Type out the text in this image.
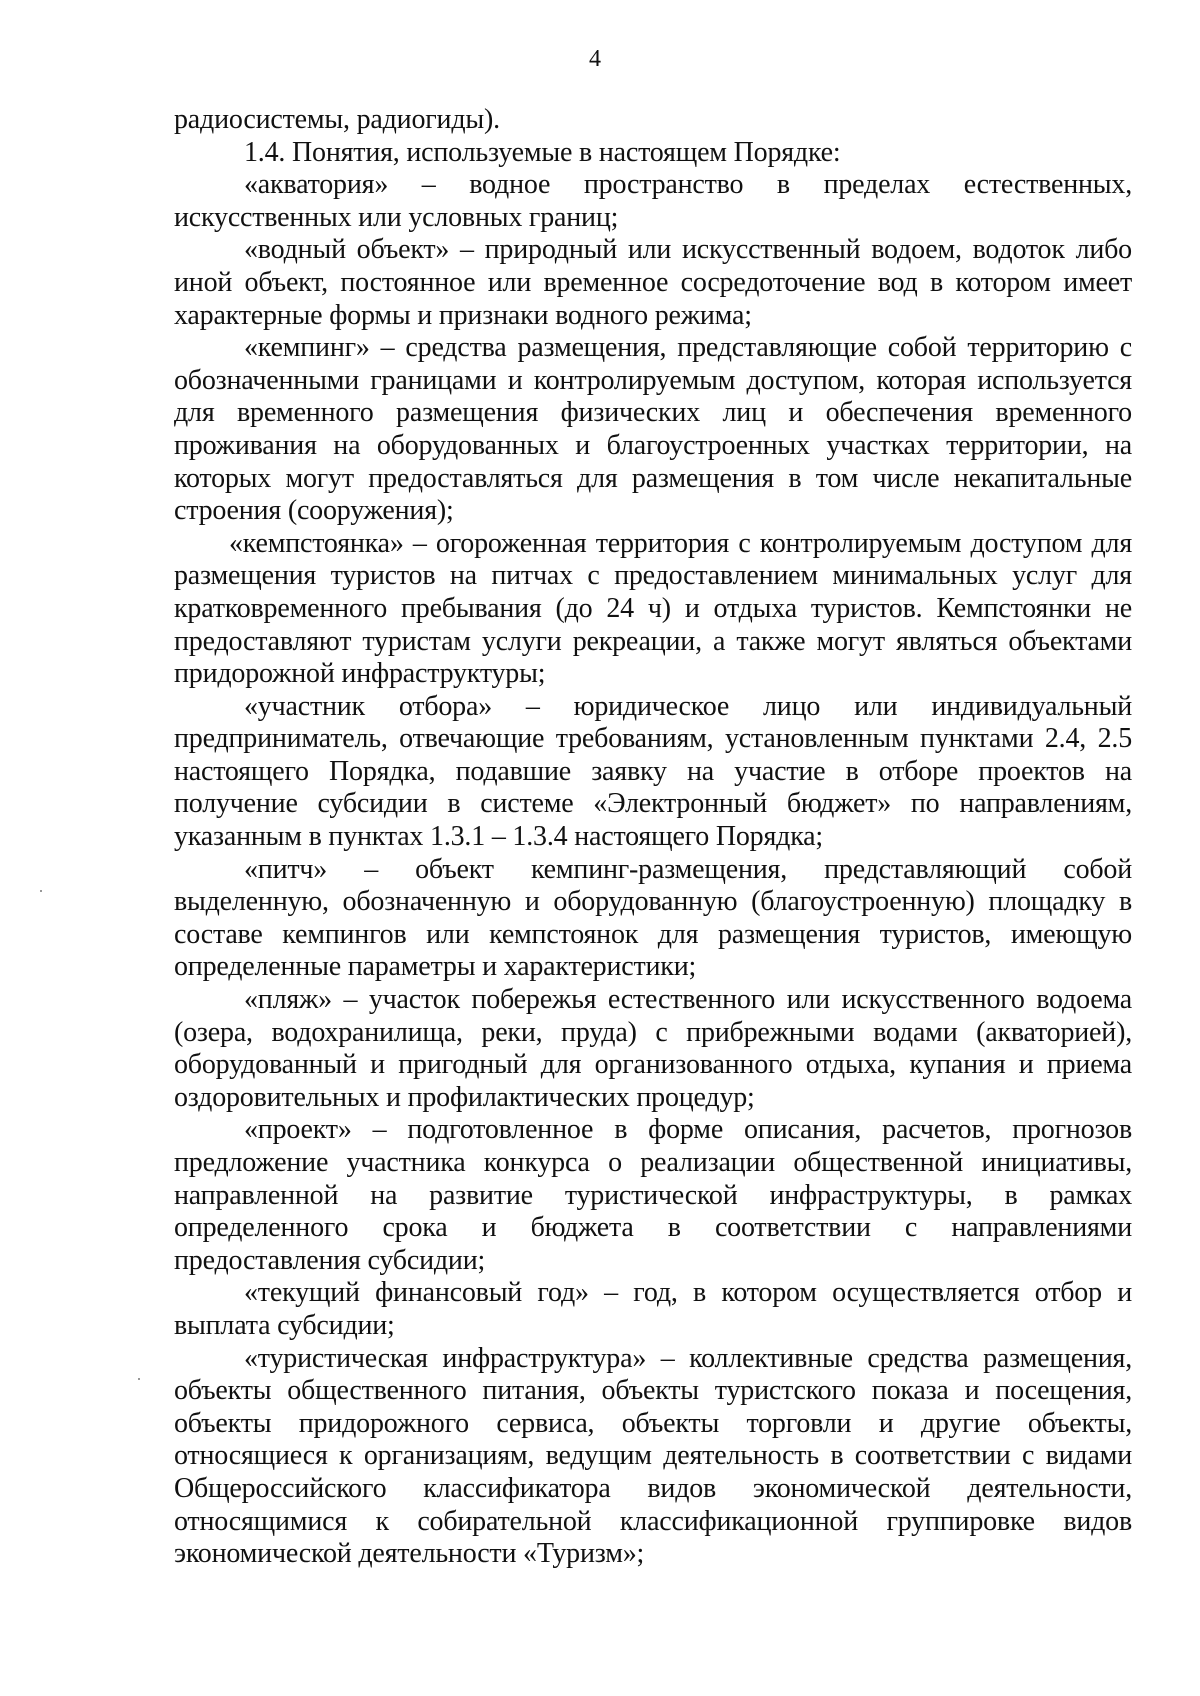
4

радиосистемы, радиогиды).

1.4. Понятия, используемые в настоящем Порядке:

«акватория» – водное пространство в пределах естественных, искусственных или условных границ;

«водный объект» – природный или искусственный водоем, водоток либо иной объект, постоянное или временное сосредоточение вод в котором имеет характерные формы и признаки водного режима;

«кемпинг» – средства размещения, представляющие собой территорию с обозначенными границами и контролируемым доступом, которая используется для временного размещения физических лиц и обеспечения временного проживания на оборудованных и благоустроенных участках территории, на которых могут предоставляться для размещения в том числе некапитальные строения (сооружения);

«кемпстоянка» – огороженная территория с контролируемым доступом для размещения туристов на питчах с предоставлением минимальных услуг для кратковременного пребывания (до 24 ч) и отдыха туристов. Кемпстоянки не предоставляют туристам услуги рекреации, а также могут являться объектами придорожной инфраструктуры;

«участник отбора» – юридическое лицо или индивидуальный предприниматель, отвечающие требованиям, установленным пунктами 2.4, 2.5 настоящего Порядка, подавшие заявку на участие в отборе проектов на получение субсидии в системе «Электронный бюджет» по направлениям, указанным в пунктах 1.3.1 – 1.3.4 настоящего Порядка;

«питч» – объект кемпинг-размещения, представляющий собой выделенную, обозначенную и оборудованную (благоустроенную) площадку в составе кемпингов или кемпстоянок для размещения туристов, имеющую определенные параметры и характеристики;

«пляж» – участок побережья естественного или искусственного водоема (озера, водохранилища, реки, пруда) с прибрежными водами (акваторией), оборудованный и пригодный для организованного отдыха, купания и приема оздоровительных и профилактических процедур;

«проект» – подготовленное в форме описания, расчетов, прогнозов предложение участника конкурса о реализации общественной инициативы, направленной на развитие туристической инфраструктуры, в рамках определенного срока и бюджета в соответствии с направлениями предоставления субсидии;

«текущий финансовый год» – год, в котором осуществляется отбор и выплата субсидии;

«туристическая инфраструктура» – коллективные средства размещения, объекты общественного питания, объекты туристского показа и посещения, объекты придорожного сервиса, объекты торговли и другие объекты, относящиеся к организациям, ведущим деятельность в соответствии с видами Общероссийского классификатора видов экономической деятельности, относящимися к собирательной классификационной группировке видов экономической деятельности «Туризм»;
